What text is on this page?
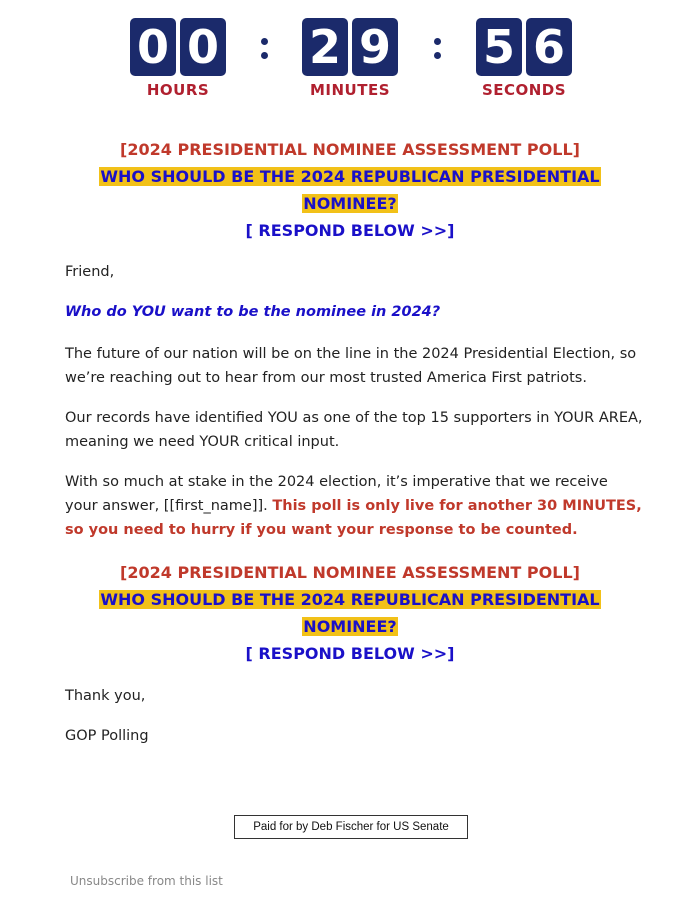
0 0
HOURS
2 9
MINUTES
5 6
SECONDS
[2024 PRESIDENTIAL NOMINEE ASSESSMENT POLL]
WHO SHOULD BE THE 2024 REPUBLICAN PRESIDENTIAL
NOMINEE?
[ RESPOND BELOW >>]
Friend,
Who do YOU want to be the nominee in 2024?
The future of our nation will be on the line in the 2024 Presidential Election, so we’re reaching out to hear from our most trusted America First patriots.
Our records have identified YOU as one of the top 15 supporters in YOUR AREA, meaning we need YOUR critical input.
With so much at stake in the 2024 election, it’s imperative that we receive your answer, [[first_name]]. This poll is only live for another 30 MINUTES, so you need to hurry if you want your response to be counted.
[2024 PRESIDENTIAL NOMINEE ASSESSMENT POLL]
WHO SHOULD BE THE 2024 REPUBLICAN PRESIDENTIAL
NOMINEE?
[ RESPOND BELOW >>]
Thank you,
GOP Polling
Paid for by Deb Fischer for US Senate
Unsubscribe from this list
